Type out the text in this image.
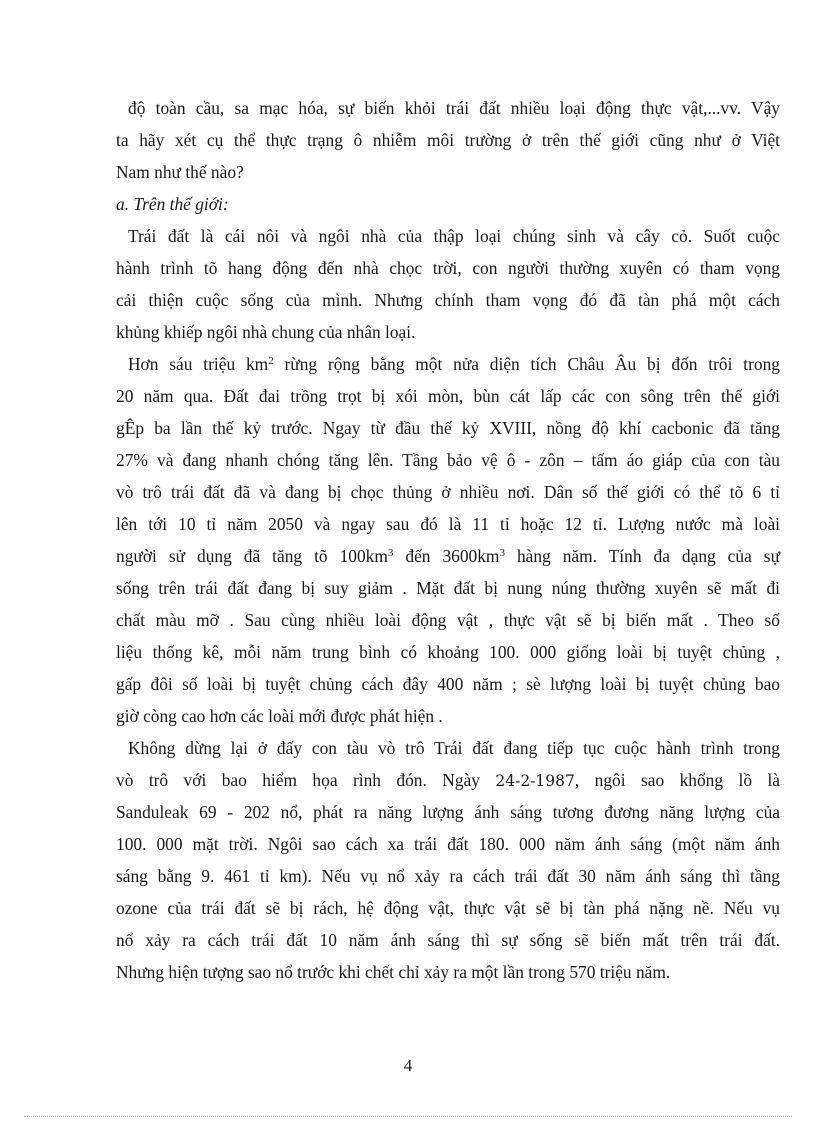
độ toàn cầu, sa mạc hóa, sự biến khỏi trái đất nhiều loại động thực vật,...vv. Vậy
ta hãy xét cụ thể thực trạng ô nhiễm môi trường ở trên thế giới cũng như ở Việt
Nam như thế nào?
a. Trên thế giới:
Trái đất là cái nôi và ngôi nhà của thập loại chúng sinh và cây cỏ. Suốt cuộc
hành trình tõ hang động đến nhà chọc trời, con người thường xuyên có tham vọng
cải thiện cuộc sống của mình. Nhưng chính tham vọng đó đã tàn phá một cách
khủng khiếp ngôi nhà chung của nhân loại.
Hơn sáu triệu $km^2$ rừng rộng bằng một nửa diện tích Châu Âu bị đốn trôi trong
20 năm qua. Đất đai trồng trọt bị xói mòn, bùn cát lấp các con sông trên thế giới
gÊp ba lần thế kỷ trước. Ngay từ đầu thế kỷ XVIII, nồng độ khí cacbonic đã tăng
27% và đang nhanh chóng tăng lên. Tầng bảo vệ ô - zôn – tấm áo giáp của con tàu
vò trô trái đất đã và đang bị chọc thủng ở nhiều nơi. Dân số thế giới có thể tõ 6 tỉ
lên tới 10 tỉ năm 2050 và ngay sau đó là 11 tỉ hoặc 12 tỉ. Lượng nước mà loài
người sử dụng đã tăng tõ $100km^3$ đến $3600km^3$ hàng năm. Tính đa dạng của sự
sống trên trái đất đang bị suy giảm . Mặt đất bị nung núng thường xuyên sẽ mất đi
chất màu mỡ . Sau cùng nhiều loài động vật , thực vật sẽ bị biến mất . Theo số
liệu thống kê, mỗi năm trung bình có khoảng 100. 000 giống loài bị tuyệt chủng ,
gấp đôi số loài bị tuyệt chủng cách đây 400 năm ; sè lượng loài bị tuyệt chủng bao
giờ còng cao hơn các loài mới được phát hiện .
Không dừng lại ở đấy con tàu vò trô Trái đất đang tiếp tục cuộc hành trình trong
vò trô với bao hiểm họa rình đón. Ngày 24-2-1987, ngôi sao khổng lồ là
Sanduleak 69 - 202 nổ, phát ra năng lượng ánh sáng tương đương năng lượng của
100. 000 mặt trời. Ngôi sao cách xa trái đất 180. 000 năm ánh sáng (một năm ánh
sáng bằng 9. 461 tỉ km). Nếu vụ nổ xảy ra cách trái đất 30 năm ánh sáng thì tầng
ozone của trái đất sẽ bị rách, hệ động vật, thực vật sẽ bị tàn phá nặng nề. Nếu vụ
nổ xảy ra cách trái đất 10 năm ánh sáng thì sự sống sẽ biến mất trên trái đất.
Nhưng hiện tượng sao nổ trước khi chết chỉ xảy ra một lần trong 570 triệu năm.
4
